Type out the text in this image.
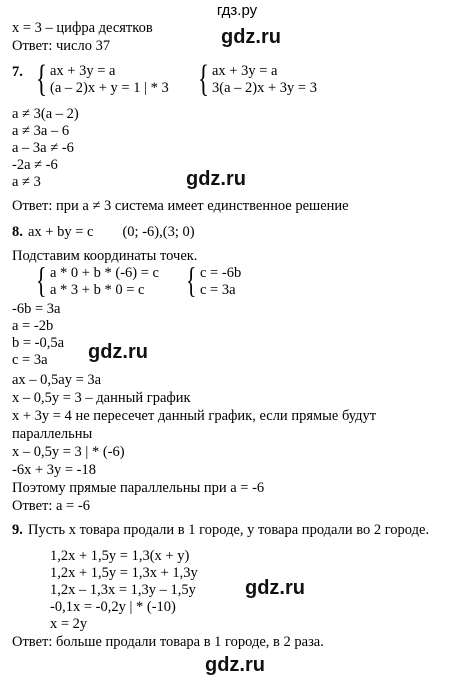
гдз.ру
x = 3 – цифра десятков
Ответ: число 37	gdz.ru
7. { ax + 3y = a
(a – 2)x + y = 1 | * 3 { ax + 3y = a
3(a – 2)x + 3y = 3
a ≠ 3(a – 2)
a ≠ 3a – 6
a – 3a ≠ -6
-2a ≠ -6
a ≠ 3	gdz.ru
Ответ: при a ≠ 3 система имеет единственное решение
8. ax + by = c        (0; -6),(3; 0)
Подставим координаты точек.
{ a * 0 + b * (-6) = c
a * 3 + b * 0 = c { c = -6b
c = 3a
-6b = 3a
a = -2b
b = -0,5a gdz.ru
c = 3a
ax – 0,5ay = 3a
x – 0,5y = 3 – данный график
x + 3y = 4 не пересечет данный график, если прямые будут
параллельны
x – 0,5y = 3 | * (-6)
-6x + 3y = -18
Поэтому прямые параллельны при a = -6
Ответ: a = -6
9. Пусть x товара продали в 1 городе, y товара продали во 2 городе.
1,2x + 1,5y = 1,3(x + y)
1,2x + 1,5y = 1,3x + 1,3y
1,2x – 1,3x = 1,3y – 1,5y
-0,1x = -0,2y | * (-10)
x = 2y
gdz.ru
Ответ: больше продали товара в 1 городе, в 2 раза.
gdz.ru
